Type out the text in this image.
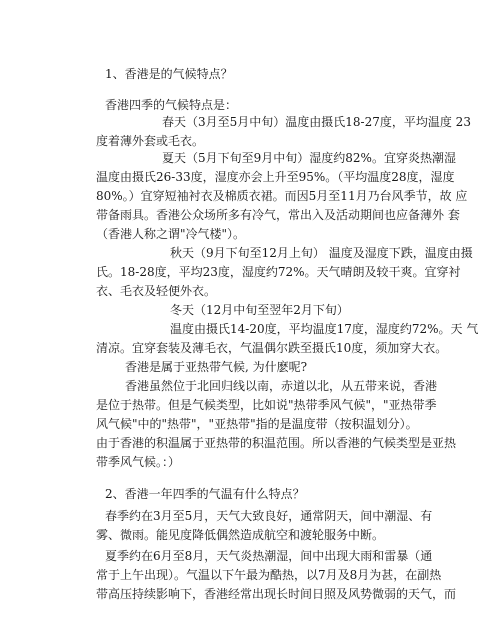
1、香港是的气候特点？
香港四季的气候特点是：
春天（3月至5月中旬）温度由摄氏18-27度，平均温度 23
度着薄外套或毛衣。
夏天（5月下旬至9月中旬）湿度约82%。宜穿炎热潮湿
温度由摄氏26-33度，湿度亦会上升至95%。（平均温度28度，湿度
80%。）宜穿短袖衬衣及棉质衣裙。而因5月至11月乃台风季节，故 应
带备雨具。香港公众场所多有冷气，常出入及活动期间也应备薄外 套
（香港人称之谓"冷气楼"）。
秋天（9月下旬至12月上旬） 温度及湿度下跌，温度由摄
氏。18-28度，平均23度，湿度约72%。天气晴朗及较干爽。宜穿衬
衣、毛衣及轻便外衣。
冬天（12月中旬至翌年2月下旬）
温度由摄氏14-20度，平均温度17度，湿度约72%。天 气
清凉。宜穿套装及薄毛衣，气温偶尔跌至摄氏10度，须加穿大衣。
香港是属于亚热带气候, 为什麽呢?
香港虽然位于北回归线以南，赤道以北，从五带来说，香港
是位于热带。但是气候类型，比如说"热带季风气候"，"亚热带季
风气候"中的"热带"，"亚热带"指的是温度带（按积温划分）。
由于香港的积温属于亚热带的积温范围。所以香港的气候类型是亚热
带季风气候。：）
2、香港一年四季的气温有什么特点？
春季约在3月至5月，天气大致良好，通常阴天，间中潮湿、有
雾、微雨。能见度降低偶然造成航空和渡轮服务中断。
夏季约在6月至8月，天气炎热潮湿，间中出现大雨和雷暴（通
常于上午出现）。气温以下午最为酷热，以7月及8月为甚，在副热
带高压持续影响下，香港经常出现长时间日照及风势微弱的天气，而
